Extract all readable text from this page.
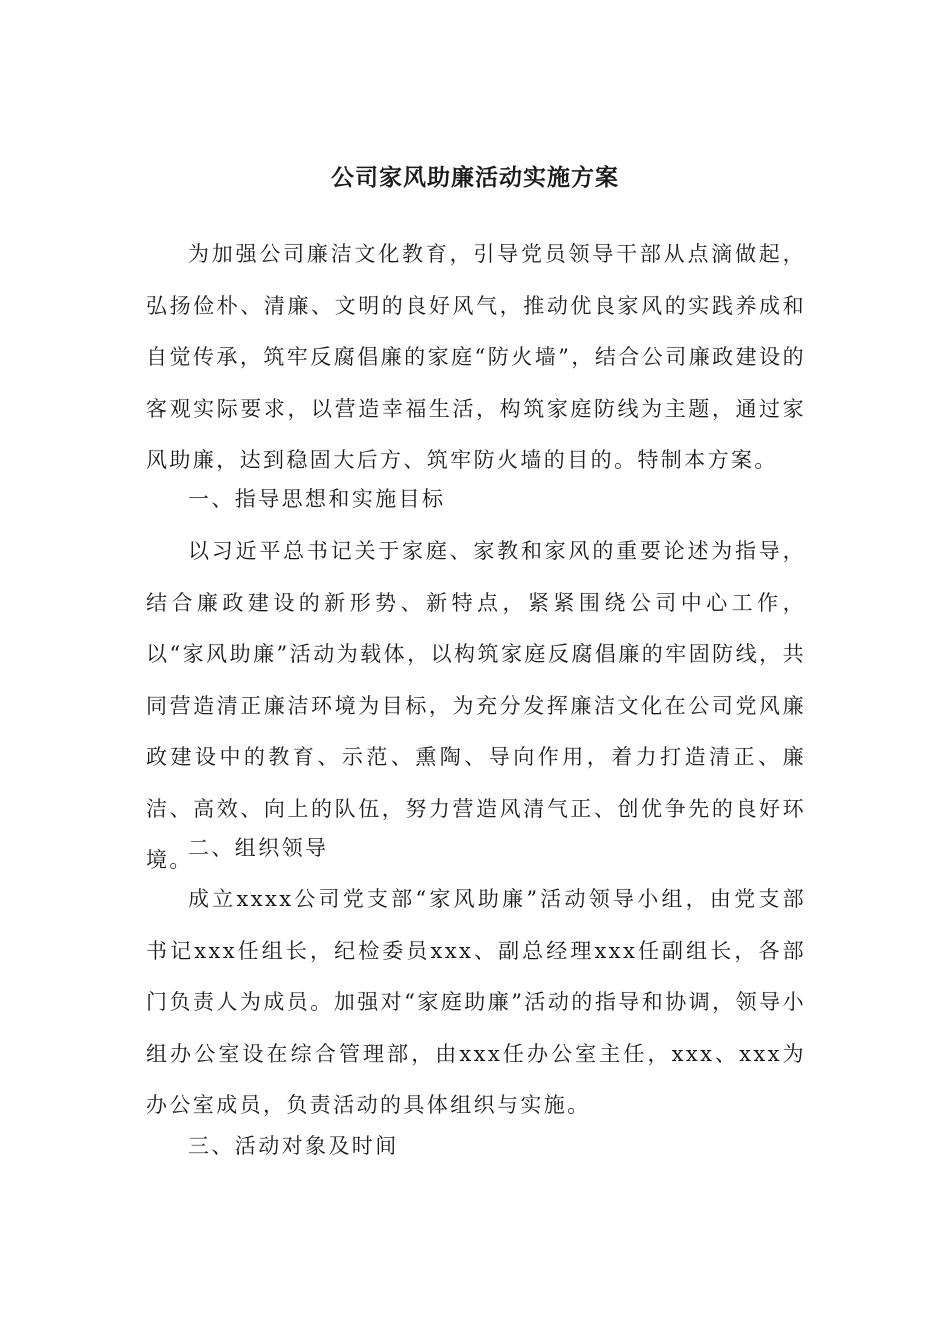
公司家风助廉活动实施方案

为加强公司廉洁文化教育，引导党员领导干部从点滴做起，弘扬俭朴、清廉、文明的良好风气，推动优良家风的实践养成和自觉传承，筑牢反腐倡廉的家庭“防火墙”，结合公司廉政建设的客观实际要求，以营造幸福生活，构筑家庭防线为主题，通过家风助廉，达到稳固大后方、筑牢防火墙的目的。特制本方案。

一、指导思想和实施目标

以习近平总书记关于家庭、家教和家风的重要论述为指导，结合廉政建设的新形势、新特点，紧紧围绕公司中心工作，以“家风助廉”活动为载体，以构筑家庭反腐倡廉的牢固防线，共同营造清正廉洁环境为目标，为充分发挥廉洁文化在公司党风廉政建设中的教育、示范、熏陶、导向作用，着力打造清正、廉洁、高效、向上的队伍，努力营造风清气正、创优争先的良好环境。

二、组织领导

成立xxxx公司党支部“家风助廉”活动领导小组，由党支部书记xxx任组长，纪检委员xxx、副总经理xxx任副组长，各部门负责人为成员。加强对“家庭助廉”活动的指导和协调，领导小组办公室设在综合管理部，由xxx任办公室主任，xxx、xxx为办公室成员，负责活动的具体组织与实施。

三、活动对象及时间
